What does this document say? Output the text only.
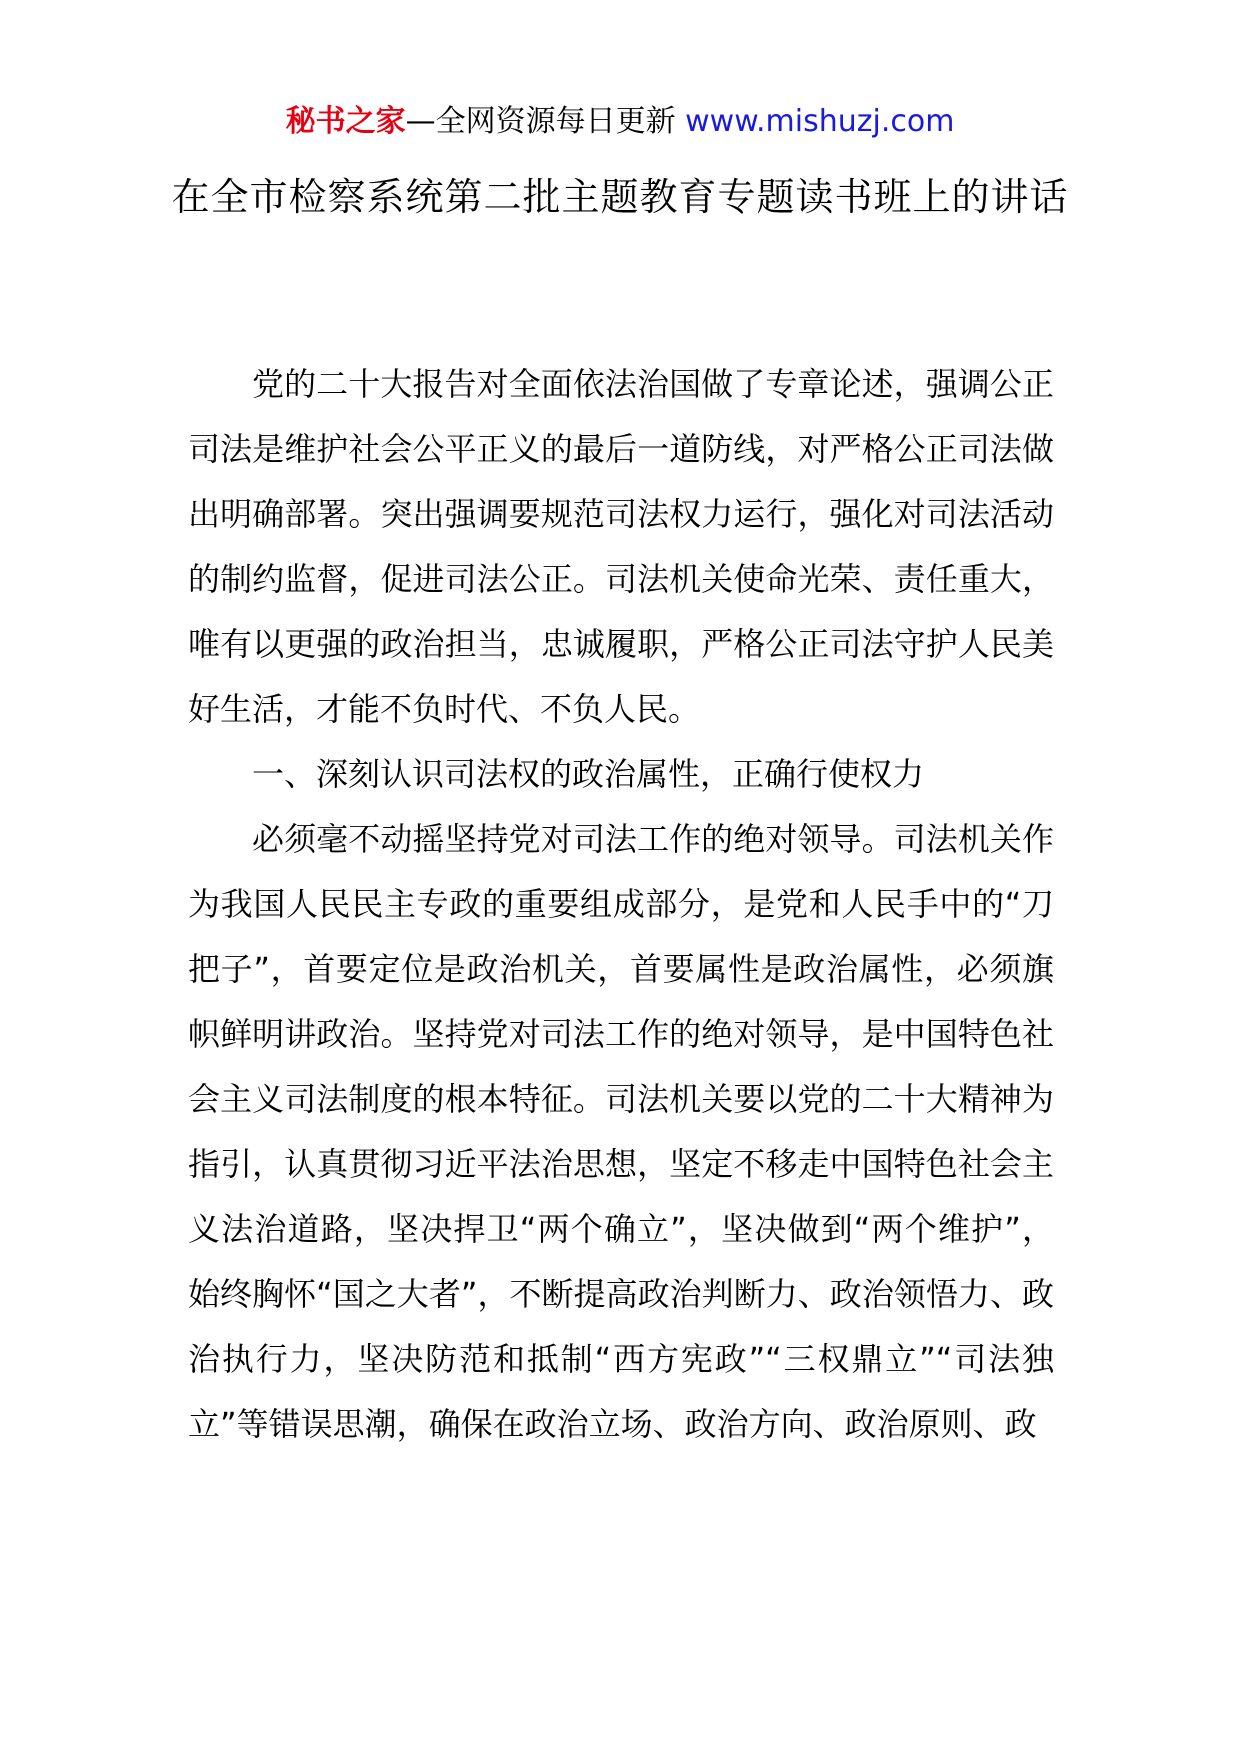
秘书之家—全网资源每日更新 www.mishuzj.com
在全市检察系统第二批主题教育专题读书班上的讲话

党的二十大报告对全面依法治国做了专章论述，强调公正司法是维护社会公平正义的最后一道防线，对严格公正司法做出明确部署。突出强调要规范司法权力运行，强化对司法活动的制约监督，促进司法公正。司法机关使命光荣、责任重大，唯有以更强的政治担当，忠诚履职，严格公正司法守护人民美好生活，才能不负时代、不负人民。

一、深刻认识司法权的政治属性，正确行使权力

必须毫不动摇坚持党对司法工作的绝对领导。司法机关作为我国人民民主专政的重要组成部分，是党和人民手中的“刀把子”，首要定位是政治机关，首要属性是政治属性，必须旗帜鲜明讲政治。坚持党对司法工作的绝对领导，是中国特色社会主义司法制度的根本特征。司法机关要以党的二十大精神为指引，认真贯彻习近平法治思想，坚定不移走中国特色社会主义法治道路，坚决捍卫“两个确立”，坚决做到“两个维护”，始终胸怀“国之大者”，不断提高政治判断力、政治领悟力、政治执行力，坚决防范和抵制“西方宪政”“三权鼎立”“司法独立”等错误思潮，确保在政治立场、政治方向、政治原则、政
